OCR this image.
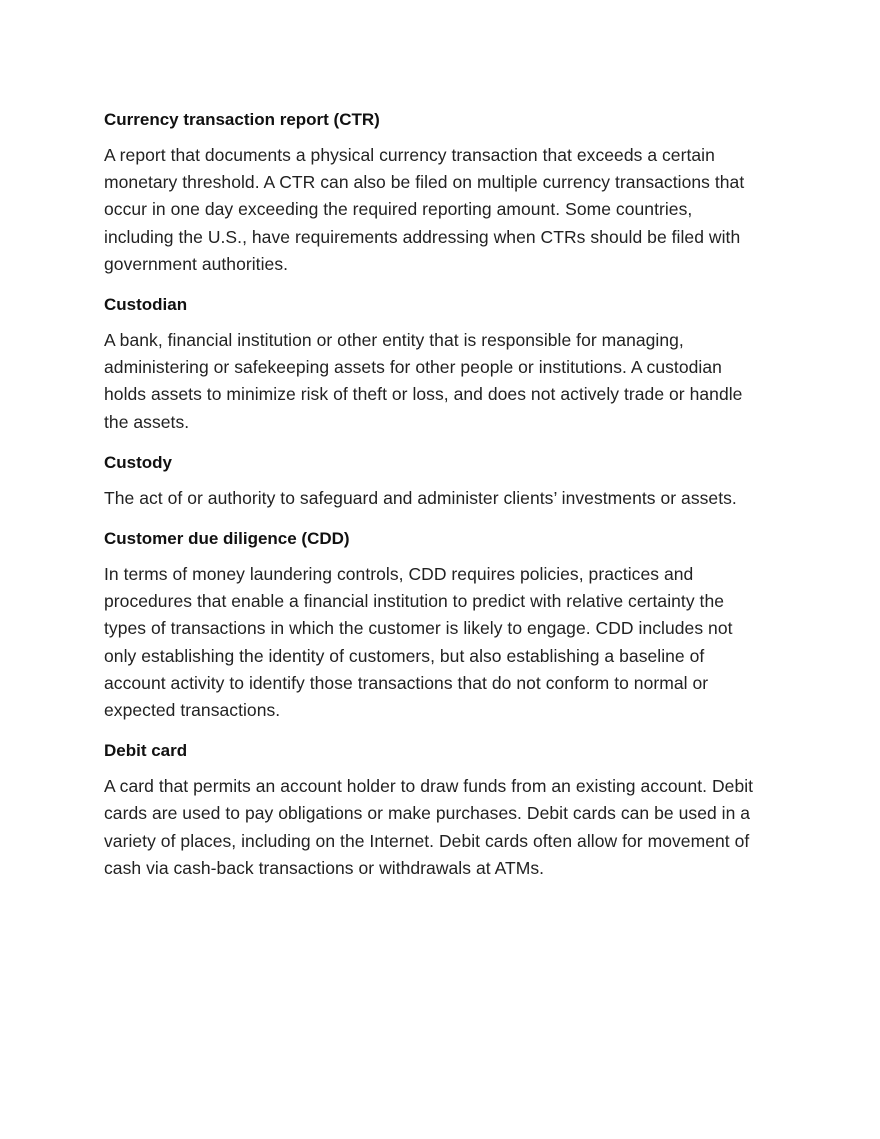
Currency transaction report (CTR)

A report that documents a physical currency transaction that exceeds a certain monetary threshold. A CTR can also be filed on multiple currency transactions that occur in one day exceeding the required reporting amount. Some countries, including the U.S., have requirements addressing when CTRs should be filed with government authorities.

Custodian

A bank, financial institution or other entity that is responsible for managing, administering or safekeeping assets for other people or institutions. A custodian holds assets to minimize risk of theft or loss, and does not actively trade or handle the assets.

Custody

The act of or authority to safeguard and administer clients’ investments or assets.

Customer due diligence (CDD)

In terms of money laundering controls, CDD requires policies, practices and procedures that enable a financial institution to predict with relative certainty the types of transactions in which the customer is likely to engage. CDD includes not only establishing the identity of customers, but also establishing a baseline of account activity to identify those transactions that do not conform to normal or expected transactions.

Debit card

A card that permits an account holder to draw funds from an existing account. Debit cards are used to pay obligations or make purchases. Debit cards can be used in a variety of places, including on the Internet. Debit cards often allow for movement of cash via cash-back transactions or withdrawals at ATMs.
